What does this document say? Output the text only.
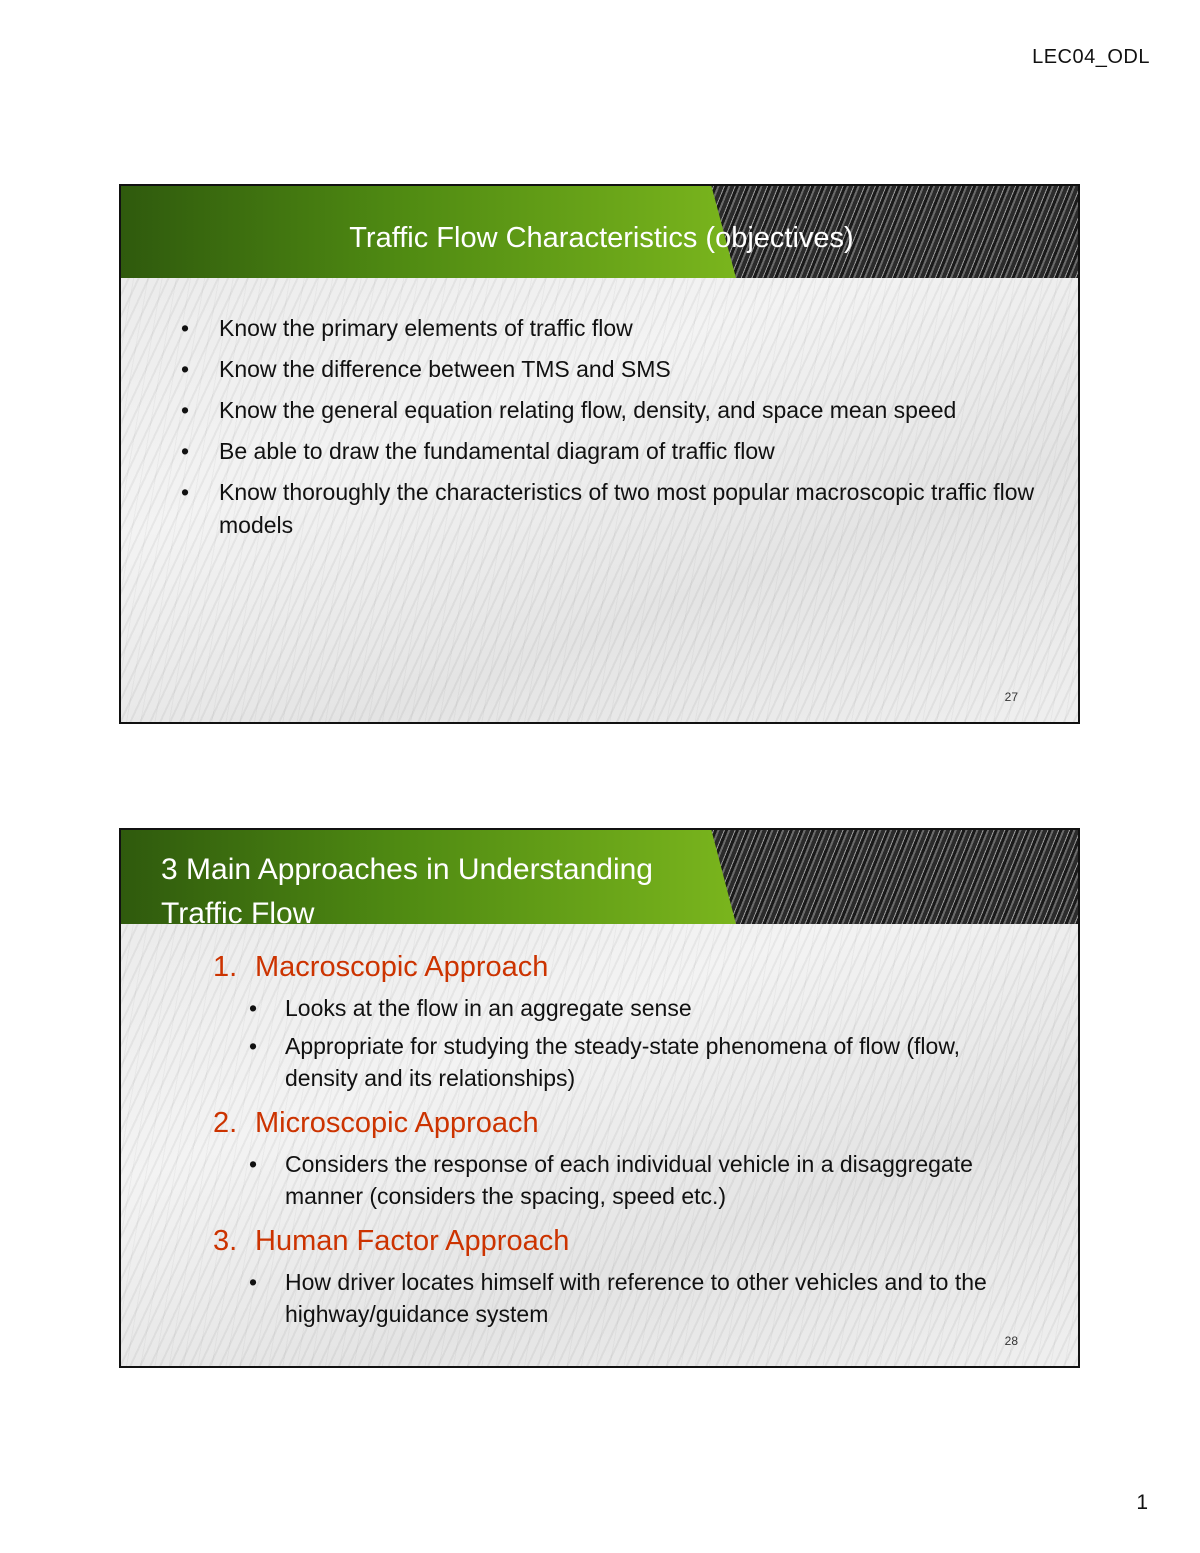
LEC04_ODL
Traffic Flow Characteristics (objectives)
• Know the primary elements of traffic flow
• Know the difference between TMS and SMS
• Know the general equation relating flow, density, and space mean speed
• Be able to draw the fundamental diagram of traffic flow
• Know thoroughly the characteristics of two most popular macroscopic traffic flow models
27
3 Main Approaches in Understanding
Traffic Flow
1. Macroscopic Approach
• Looks at the flow in an aggregate sense
• Appropriate for studying the steady-state phenomena of flow (flow, density and its relationships)
2. Microscopic Approach
• Considers the response of each individual vehicle in a disaggregate manner (considers the spacing, speed etc.)
3. Human Factor Approach
• How driver locates himself with reference to other vehicles and to the highway/guidance system
28
1
